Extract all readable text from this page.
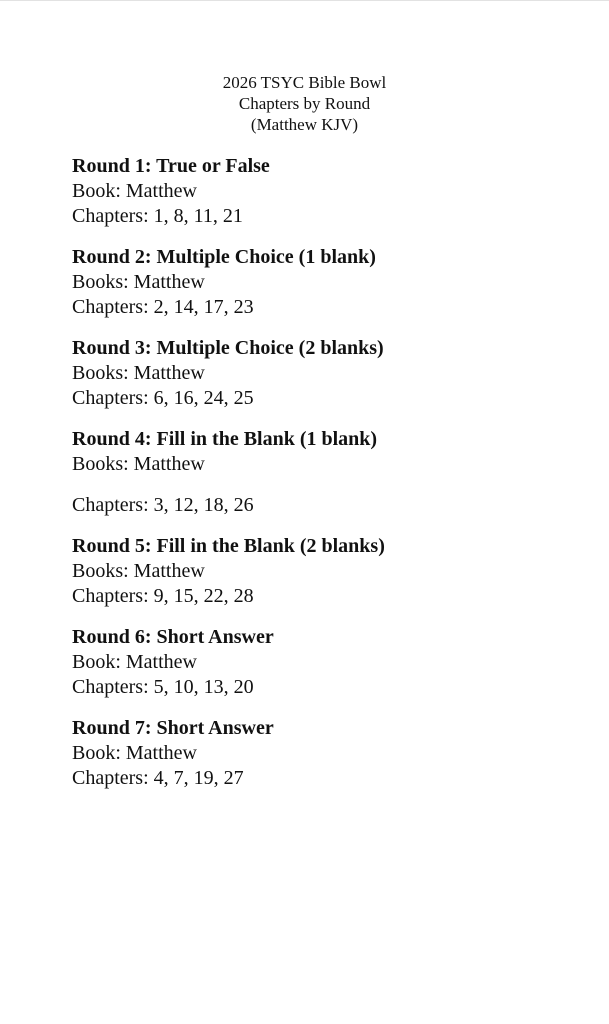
2026 TSYC Bible Bowl
Chapters by Round
(Matthew KJV)
Round 1: True or False
Book: Matthew
Chapters: 1, 8, 11, 21
Round 2: Multiple Choice (1 blank)
Books: Matthew
Chapters: 2, 14, 17, 23
Round 3: Multiple Choice (2 blanks)
Books: Matthew
Chapters: 6, 16, 24, 25
Round 4: Fill in the Blank (1 blank)
Books: Matthew
Chapters: 3, 12, 18, 26
Round 5: Fill in the Blank (2 blanks)
Books: Matthew
Chapters: 9, 15, 22, 28
Round 6: Short Answer
Book: Matthew
Chapters: 5, 10, 13, 20
Round 7: Short Answer
Book: Matthew
Chapters: 4, 7, 19, 27
